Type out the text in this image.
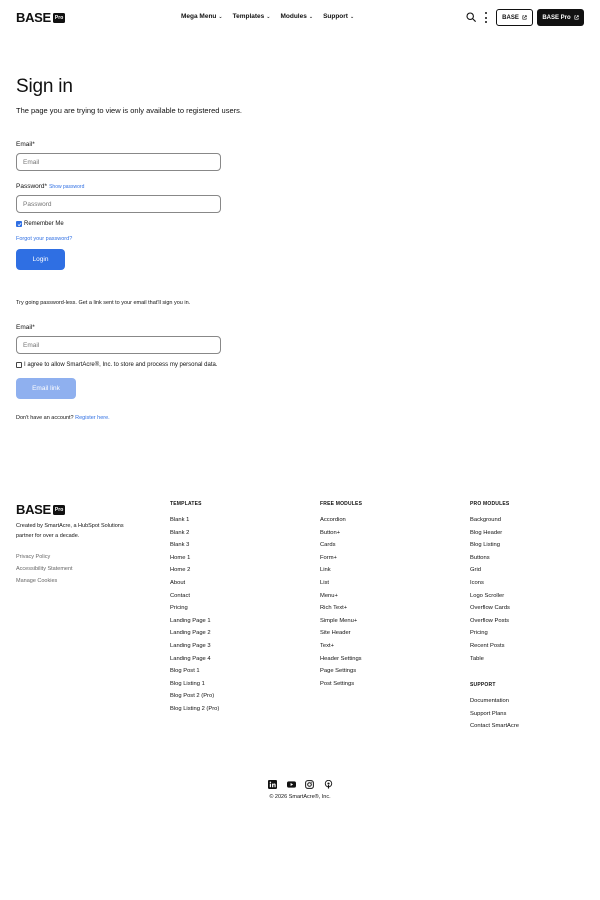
BASE Pro	Mega Menu ⌄ Templates ⌄ Modules ⌄ Support ⌄	BASE	BASE Pro
Sign in

The page you are trying to view is only available to registered users.

Email*
Email
Password* Show password
Remember Me
Forgot your password?
Login

Try going password-less. Get a link sent to your email that'll sign you in.

Email*
Email
I agree to allow SmartAcre®, Inc. to store and process my personal data.
Email link
Don't have an account? Register here.
BASE Pro

Created by SmartAcre, a HubSpot Solutions partner for over a decade.

Privacy Policy
Accessibility Statement
Manage Cookies
TEMPLATES
Blank 1
Blank 2
Blank 3
Home 1
Home 2
About
Contact
Pricing
Landing Page 1
Landing Page 2
Landing Page 3
Landing Page 4
Blog Post 1
Blog Listing 1
Blog Post 2 (Pro)
Blog Listing 2 (Pro)
FREE MODULES
Accordion
Button+
Cards
Form+
Link
List
Menu+
Rich Text+
Simple Menu+
Site Header
Text+
Header Settings
Page Settings
Post Settings
PRO MODULES
Background
Blog Header
Blog Listing
Buttons
Grid
Icons
Logo Scroller
Overflow Cards
Overflow Posts
Pricing
Recent Posts
Table
SUPPORT
Documentation
Support Plans
Contact SmartAcre
© 2026 SmartAcre®, Inc.
